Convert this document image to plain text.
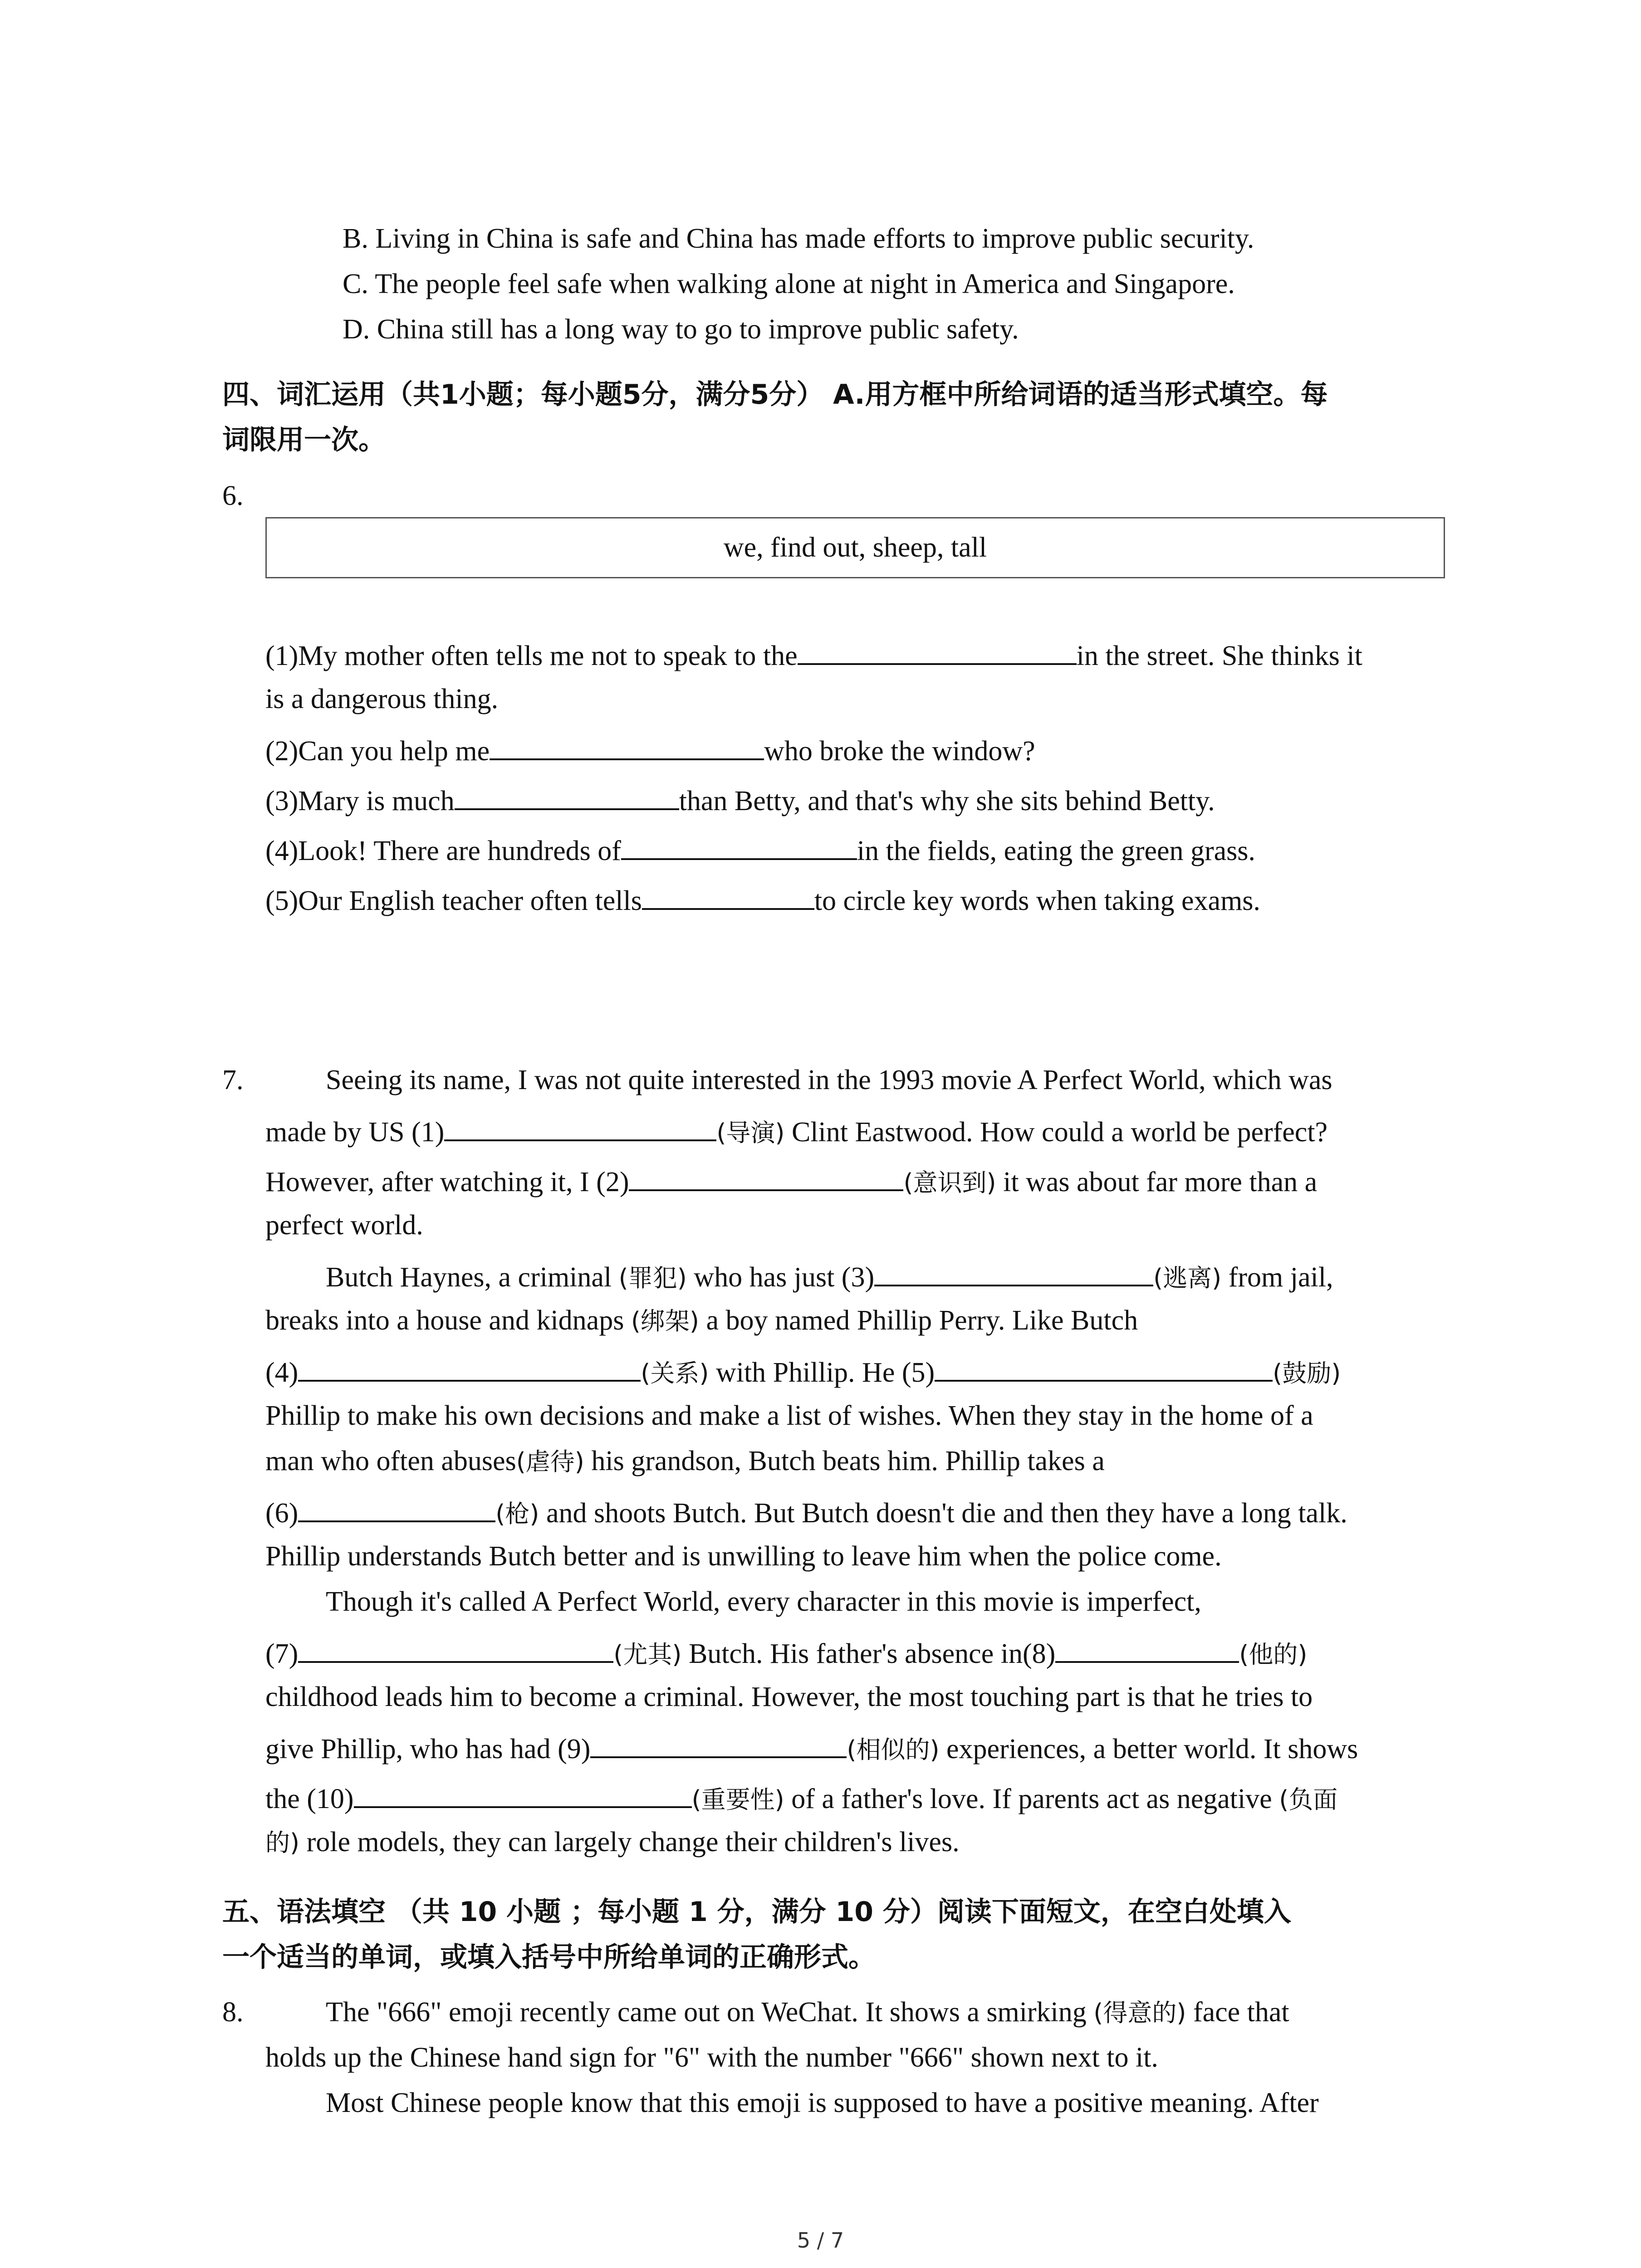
B. Living in China is safe and China has made efforts to improve public security.
C. The people feel safe when walking alone at night in America and Singapore.
D. China still has a long way to go to improve public safety.
四、词汇运用（共1小题；每小题5分，满分5分） A.用方框中所给词语的适当形式填空。每
词限用一次。
6.
we, find out, sheep, tall
(1)My mother often tells me not to speak to the	in the street. She thinks it
is a dangerous thing.
(2)Can you help me	who broke the window?
(3)Mary is much	than Betty, and that's why she sits behind Betty.
(4)Look! There are hundreds of	in the fields, eating the green grass.
(5)Our English teacher often tells	to circle key words when taking exams.
7.	Seeing its name, I was not quite interested in the 1993 movie A Perfect World, which was
made by US (1)	(导演) Clint Eastwood. How could a world be perfect?
However, after watching it, I (2)	(意识到) it was about far more than a
perfect world.
Butch Haynes, a criminal (罪犯) who has just (3)	(逃离) from jail,
breaks into a house and kidnaps (绑架) a boy named Phillip Perry. Like Butch
(4)	(关系) with Phillip. He (5)	(鼓励)
Phillip to make his own decisions and make a list of wishes. When they stay in the home of a
man who often abuses(虐待) his grandson, Butch beats him. Phillip takes a
(6)	(枪) and shoots Butch. But Butch doesn't die and then they have a long talk.
Phillip understands Butch better and is unwilling to leave him when the police come.
Though it's called A Perfect World, every character in this movie is imperfect,
(7)	(尤其) Butch. His father's absence in(8)	(他的)
childhood leads him to become a criminal. However, the most touching part is that he tries to
give Phillip, who has had (9)	(相似的) experiences, a better world. It shows
the (10)	(重要性) of a father's love. If parents act as negative (负面
的) role models, they can largely change their children's lives.
五、语法填空 （共 10 小题 ；每小题 1 分，满分 10 分）阅读下面短文，在空白处填入
一个适当的单词，或填入括号中所给单词的正确形式。
8.	The "666" emoji recently came out on WeChat. It shows a smirking (得意的) face that
holds up the Chinese hand sign for "6" with the number "666" shown next to it.
Most Chinese people know that this emoji is supposed to have a positive meaning. After
5 / 7
